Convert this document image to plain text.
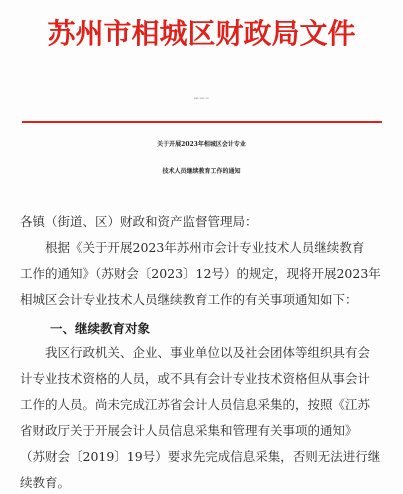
苏州市相城区财政局文件
相财库〔2023〕13号
关于开展2023年相城区会计专业
技术人员继续教育工作的通知
各镇（街道、区）财政和资产监督管理局：
根据《关于开展2023年苏州市会计专业技术人员继续教育
工作的通知》（苏财会〔2023〕12号）的规定，现将开展2023年
相城区会计专业技术人员继续教育工作的有关事项通知如下：
一、继续教育对象
我区行政机关、企业、事业单位以及社会团体等组织具有会
计专业技术资格的人员，或不具有会计专业技术资格但从事会计
工作的人员。尚未完成江苏省会计人员信息采集的，按照《江苏
省财政厅关于开展会计人员信息采集和管理有关事项的通知》
（苏财会〔2019〕19号）要求先完成信息采集，否则无法进行继
续教育。
